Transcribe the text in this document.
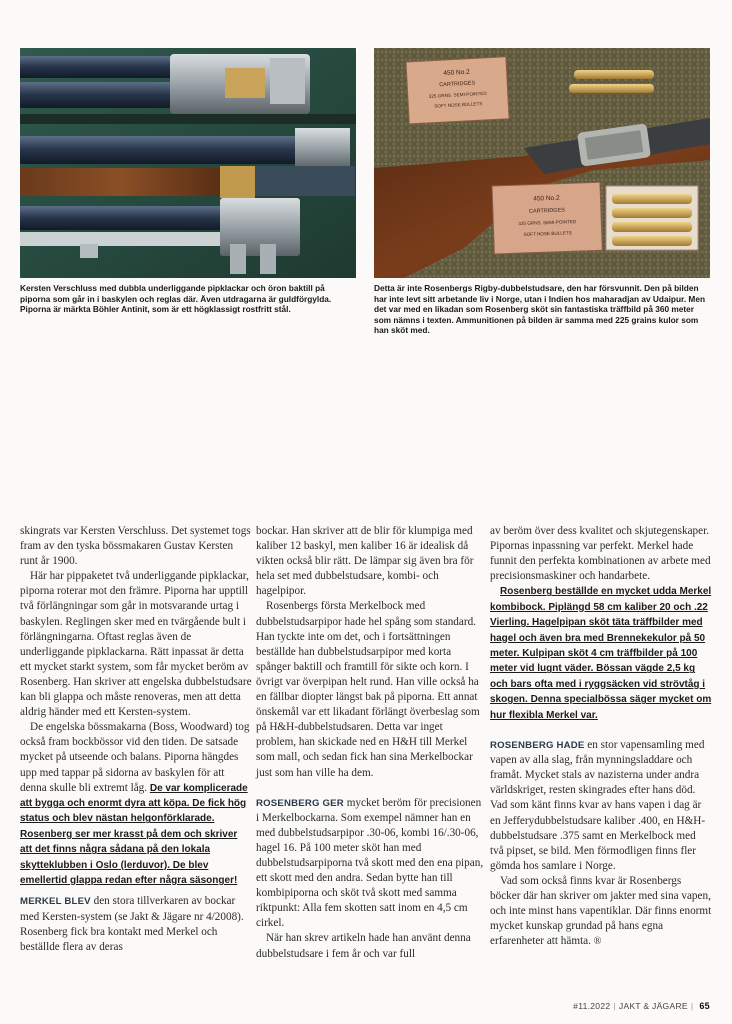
450 No.2
CARTRIDGES
325 GRNS. SEMI-POINTED
SOFT NOSE BULLETS
450 No.2
CARTRIDGES
325 GRNS. SEMI-POINTED
SOFT NOSE BULLETS
Kersten Verschluss med dubbla underliggande pipklackar och öron baktill på piporna som går in i baskylen och reglas där. Även utdragarna är guldförgylda. Piporna är märkta Böhler Antinit, som är ett högklassigt rostfritt stål.
Detta är inte Rosenbergs Rigby-dubbelstudsare, den har försvunnit. Den på bilden har inte levt sitt arbetande liv i Norge, utan i Indien hos maharadjan av Udaipur. Men det var med en likadan som Rosenberg sköt sin fantastiska träffbild på 360 meter som nämns i texten. Ammunitionen på bilden är samma med 225 grains kulor som han sköt med.

skingrats var Kersten Verschluss. Det systemet togs fram av den tyska bössmakaren Gustav Kersten runt år 1900.

Här har pippaketet två underliggande pipklackar, piporna roterar mot den främre. Piporna har upptill två förlängningar som går in motsvarande urtag i baskylen. Reglingen sker med en tvärgående bult i förlängningarna. Oftast reglas även de underliggande pipklackarna. Rätt inpassat är detta ett mycket starkt system, som får mycket beröm av Rosenberg. Han skriver att engelska dubbelstudsare kan bli glappa och måste renoveras, men att detta aldrig händer med ett Kersten-system.

De engelska bössmakarna (Boss, Woodward) tog också fram bockbössor vid den tiden. De satsade mycket på utseende och balans. Piporna hängdes upp med tappar på sidorna av baskylen för att denna skulle bli extremt låg. De var komplicerade att bygga och enormt dyra att köpa. De fick hög status och blev nästan helgonförklarade. Rosenberg ser mer krasst på dem och skriver att det finns några sådana på den lokala skytteklubben i Oslo (lerduvor). De blev emellertid glappa redan efter några säsonger!

MERKEL BLEV den stora tillverkaren av bockar med Kersten-system (se Jakt & Jägare nr 4/2008). Rosenberg fick bra kontakt med Merkel och beställde flera av deras

bockar. Han skriver att de blir för klumpiga med kaliber 12 baskyl, men kaliber 16 är idealisk då vikten också blir rätt. De lämpar sig även bra för hela set med dubbelstudsare, kombi- och hagelpipor.

Rosenbergs första Merkelbock med dubbelstudsarpipor hade hel spång som standard. Han tyckte inte om det, och i fortsättningen beställde han dubbelstudsarpipor med korta spånger baktill och framtill för sikte och korn. I övrigt var överpipan helt rund. Han ville också ha en fällbar diopter längst bak på piporna. Ett annat önskemål var ett likadant förlängt överbeslag som på H&H-dubbelstudsaren. Detta var inget problem, han skickade ned en H&H till Merkel som mall, och sedan fick han sina Merkelbockar just som han ville ha dem.

ROSENBERG GER mycket beröm för precisionen i Merkelbockarna. Som exempel nämner han en med dubbelstudsarpipor .30-06, kombi 16/.30-06, hagel 16. På 100 meter sköt han med dubbelstudsarpiporna två skott med den ena pipan, ett skott med den andra. Sedan bytte han till kombipiporna och sköt två skott med samma riktpunkt: Alla fem skotten satt inom en 4,5 cm cirkel.

När han skrev artikeln hade han använt denna dubbelstudsare i fem år och var full

av beröm över dess kvalitet och skjutegenskaper. Pipornas inpassning var perfekt. Merkel hade funnit den perfekta kombinationen av arbete med precisionsmaskiner och handarbete.

Rosenberg beställde en mycket udda Merkel kombibock. Piplängd 58 cm kaliber 20 och .22 Vierling. Hagelpipan sköt täta träffbilder med hagel och även bra med Brennekekulor på 50 meter. Kulpipan sköt 4 cm träffbilder på 100 meter vid lugnt väder. Bössan vägde 2,5 kg och bars ofta med i ryggsäcken vid strövtåg i skogen. Denna specialbössa säger mycket om hur flexibla Merkel var.

ROSENBERG HADE en stor vapensamling med vapen av alla slag, från mynningsladdare och framåt. Mycket stals av nazisterna under andra världskriget, resten skingrades efter hans död. Vad som känt finns kvar av hans vapen i dag är en Jefferydubbelstudsare kaliber .400, en H&H-dubbelstudsare .375 samt en Merkelbock med två pipset, se bild. Men förmodligen finns fler gömda hos samlare i Norge.

Vad som också finns kvar är Rosenbergs böcker där han skriver om jakter med sina vapen, och inte minst hans vapentiklar. Där finns enormt mycket kunskap grundad på hans egna erfarenheter att hämta. ®

#11.2022 | JAKT & JÄGARE | 65
